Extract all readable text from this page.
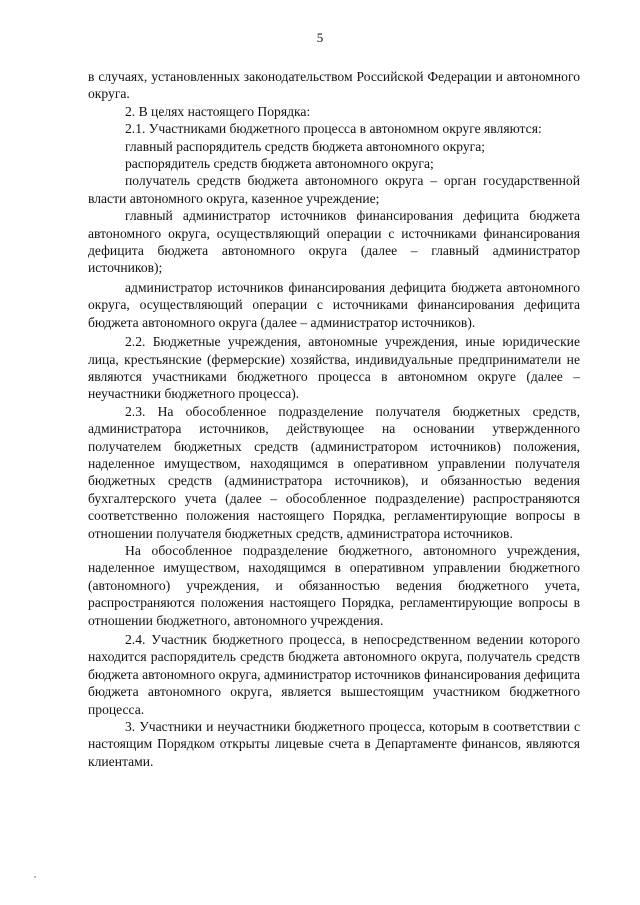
5

в случаях, установленных законодательством Российской Федерации и автономного округа.

2. В целях настоящего Порядка:

2.1. Участниками бюджетного процесса в автономном округе являются:

главный распорядитель средств бюджета автономного округа;

распорядитель средств бюджета автономного округа;

получатель средств бюджета автономного округа – орган государственной власти автономного округа, казенное учреждение;

главный администратор источников финансирования дефицита бюджета автономного округа, осуществляющий операции с источниками финансирования дефицита бюджета автономного округа (далее – главный администратор источников);

администратор источников финансирования дефицита бюджета автономного округа, осуществляющий операции с источниками финансирования дефицита бюджета автономного округа (далее – администратор источников).

2.2. Бюджетные учреждения, автономные учреждения, иные юридические лица, крестьянские (фермерские) хозяйства, индивидуальные предприниматели не являются участниками бюджетного процесса в автономном округе (далее – неучастники бюджетного процесса).

2.3. На обособленное подразделение получателя бюджетных средств, администратора источников, действующее на основании утвержденного получателем бюджетных средств (администратором источников) положения, наделенное имуществом, находящимся в оперативном управлении получателя бюджетных средств (администратора источников), и обязанностью ведения бухгалтерского учета (далее – обособленное подразделение) распространяются соответственно положения настоящего Порядка, регламентирующие вопросы в отношении получателя бюджетных средств, администратора источников.

На обособленное подразделение бюджетного, автономного учреждения, наделенное имуществом, находящимся в оперативном управлении бюджетного (автономного) учреждения, и обязанностью ведения бюджетного учета, распространяются положения настоящего Порядка, регламентирующие вопросы в отношении бюджетного, автономного учреждения.

2.4. Участник бюджетного процесса, в непосредственном ведении которого находится распорядитель средств бюджета автономного округа, получатель средств бюджета автономного округа, администратор источников финансирования дефицита бюджета автономного округа, является вышестоящим участником бюджетного процесса.

3. Участники и неучастники бюджетного процесса, которым в соответствии с настоящим Порядком открыты лицевые счета в Департаменте финансов, являются клиентами.
